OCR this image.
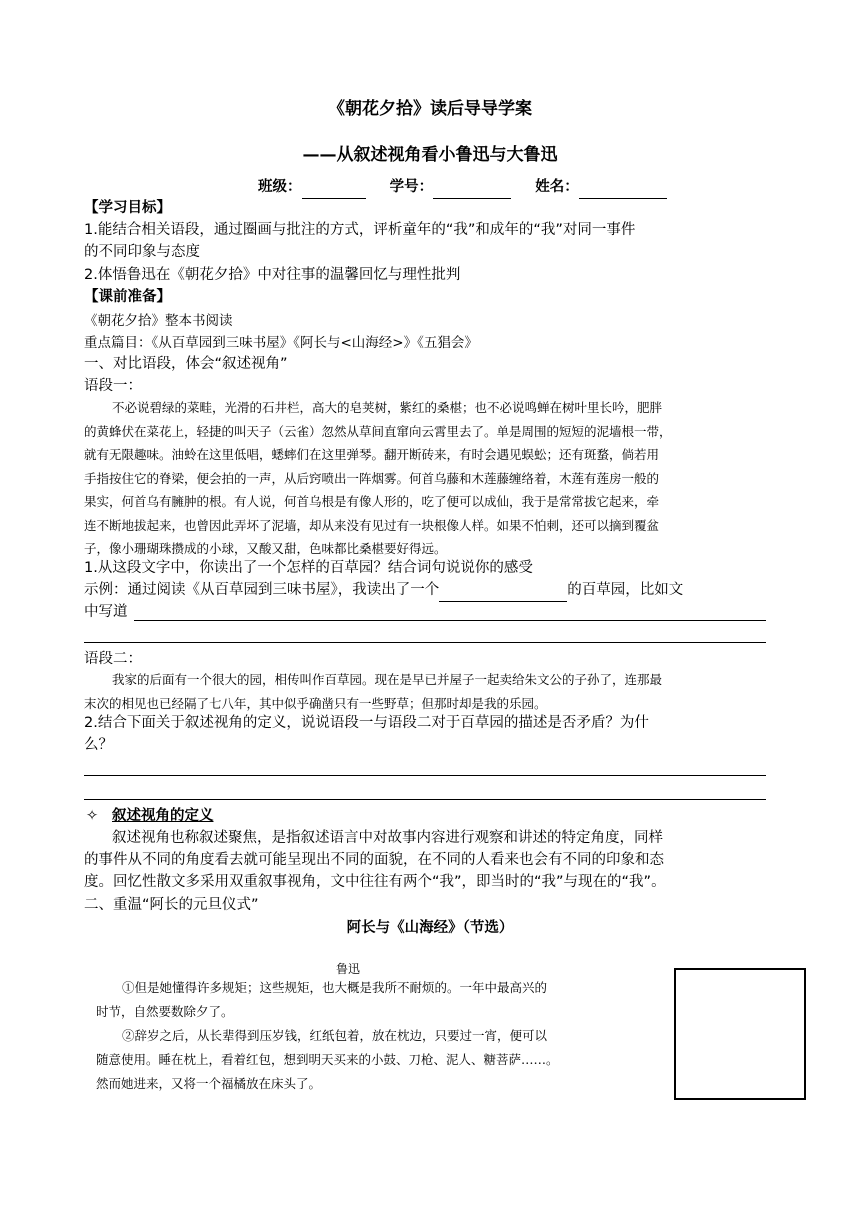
《朝花夕拾》读后导导学案
——从叙述视角看小鲁迅与大鲁迅
班级：	学号：	姓名：
【学习目标】
1.能结合相关语段，通过圈画与批注的方式，评析童年的“我”和成年的“我”对同一事件
的不同印象与态度
2.体悟鲁迅在《朝花夕拾》中对往事的温馨回忆与理性批判
【课前准备】
《朝花夕拾》整本书阅读
重点篇目：《从百草园到三味书屋》《阿长与<山海经>》《五猖会》
一、对比语段，体会“叙述视角”
语段一：
不必说碧绿的菜畦，光滑的石井栏，高大的皂荚树，紫红的桑椹；也不必说鸣蝉在树叶里长吟，肥胖
的黄蜂伏在菜花上，轻捷的叫天子（云雀）忽然从草间直窜向云霄里去了。单是周围的短短的泥墙根一带，
就有无限趣味。油蛉在这里低唱，蟋蟀们在这里弹琴。翻开断砖来，有时会遇见蜈蚣；还有斑蝥，倘若用
手指按住它的脊梁，便会拍的一声，从后窍喷出一阵烟雾。何首乌藤和木莲藤缠络着，木莲有莲房一般的
果实，何首乌有臃肿的根。有人说，何首乌根是有像人形的，吃了便可以成仙，我于是常常拔它起来，牵
连不断地拔起来，也曾因此弄坏了泥墙，却从来没有见过有一块根像人样。如果不怕刺，还可以摘到覆盆
子，像小珊瑚珠攒成的小球，又酸又甜，色味都比桑椹要好得远。
1.从这段文字中，你读出了一个怎样的百草园？结合词句说说你的感受
示例：通过阅读《从百草园到三味书屋》，我读出了一个	的百草园，比如文
中写道
语段二：
我家的后面有一个很大的园，相传叫作百草园。现在是早已并屋子一起卖给朱文公的子孙了，连那最
末次的相见也已经隔了七八年，其中似乎确凿只有一些野草；但那时却是我的乐园。
2.结合下面关于叙述视角的定义，说说语段一与语段二对于百草园的描述是否矛盾？为什
么？
✧ 叙述视角的定义
叙述视角也称叙述聚焦，是指叙述语言中对故事内容进行观察和讲述的特定角度，同样
的事件从不同的角度看去就可能呈现出不同的面貌，在不同的人看来也会有不同的印象和态
度。回忆性散文多采用双重叙事视角，文中往往有两个“我”，即当时的“我”与现在的“我”。
二、重温“阿长的元旦仪式”
阿长与《山海经》（节选）
鲁迅
①但是她懂得许多规矩；这些规矩，也大概是我所不耐烦的。一年中最高兴的
时节，自然要数除夕了。
②辞岁之后，从长辈得到压岁钱，红纸包着，放在枕边，只要过一宵，便可以
随意使用。睡在枕上，看着红包，想到明天买来的小鼓、刀枪、泥人、糖菩萨……。
然而她进来，又将一个福橘放在床头了。
